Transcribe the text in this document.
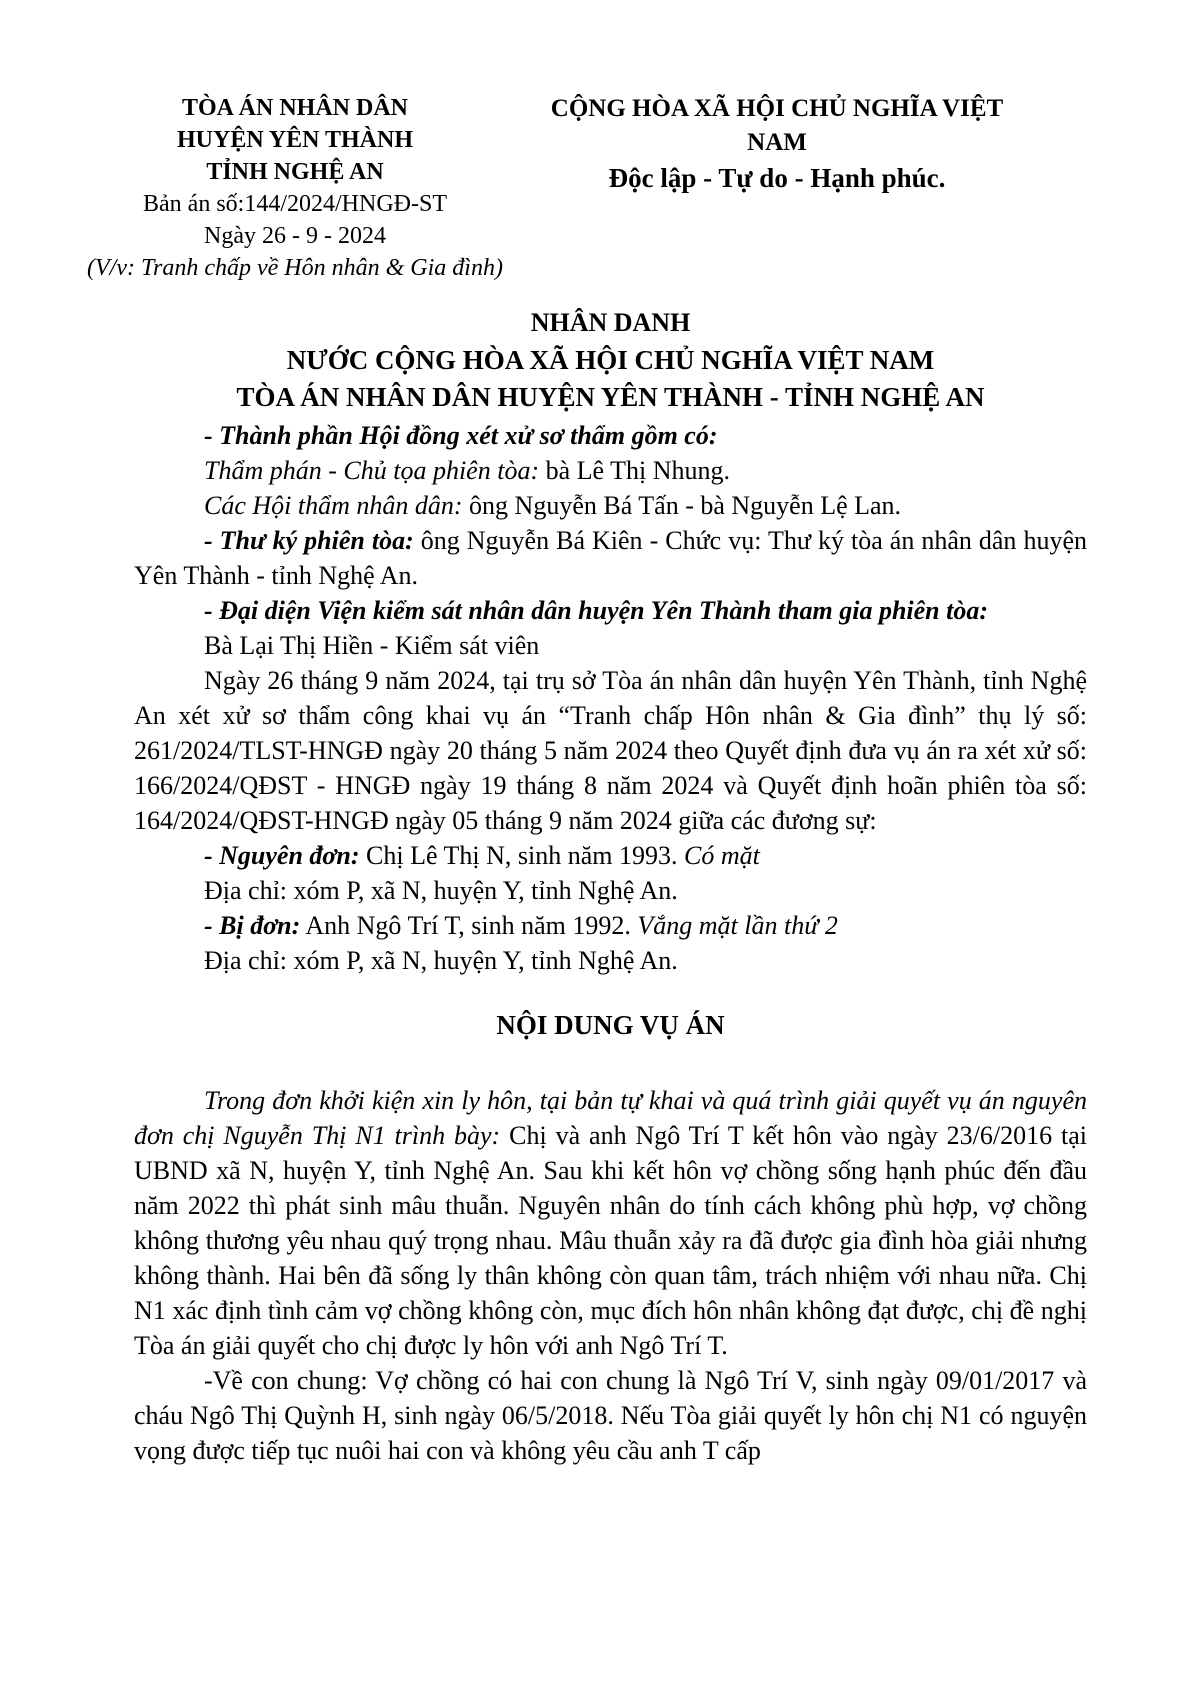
TÒA ÁN NHÂN DÂN
HUYỆN YÊN THÀNH
TỈNH NGHỆ AN
Bản án số:144/2024/HNGĐ-ST
Ngày 26 - 9 - 2024
(V/v: Tranh chấp về Hôn nhân & Gia đình)
CỘNG HÒA XÃ HỘI CHỦ NGHĨA VIỆT NAM
Độc lập - Tự do - Hạnh phúc.
NHÂN DANH
NƯỚC CỘNG HÒA XÃ HỘI CHỦ NGHĨA VIỆT NAM
TÒA ÁN NHÂN DÂN HUYỆN YÊN THÀNH - TỈNH NGHỆ AN

- Thành phần Hội đồng xét xử sơ thẩm gồm có:

Thẩm phán - Chủ tọa phiên tòa: bà Lê Thị Nhung.

Các Hội thẩm nhân dân: ông Nguyễn Bá Tấn - bà Nguyễn Lệ Lan.

- Thư ký phiên tòa: ông Nguyễn Bá Kiên - Chức vụ: Thư ký tòa án nhân dân huyện Yên Thành - tỉnh Nghệ An.

- Đại diện Viện kiểm sát nhân dân huyện Yên Thành tham gia phiên tòa:

Bà Lại Thị Hiền - Kiểm sát viên

Ngày 26 tháng 9 năm 2024, tại trụ sở Tòa án nhân dân huyện Yên Thành, tỉnh Nghệ An xét xử sơ thẩm công khai vụ án “Tranh chấp Hôn nhân & Gia đình” thụ lý số: 261/2024/TLST-HNGĐ ngày 20 tháng 5 năm 2024 theo Quyết định đưa vụ án ra xét xử số: 166/2024/QĐST - HNGĐ ngày 19 tháng 8 năm 2024 và Quyết định hoãn phiên tòa số: 164/2024/QĐST-HNGĐ ngày 05 tháng 9 năm 2024 giữa các đương sự:

- Nguyên đơn: Chị Lê Thị N, sinh năm 1993. Có mặt

Địa chỉ: xóm P, xã N, huyện Y, tỉnh Nghệ An.

- Bị đơn: Anh Ngô Trí T, sinh năm 1992. Vắng mặt lần thứ 2

Địa chỉ: xóm P, xã N, huyện Y, tỉnh Nghệ An.

NỘI DUNG VỤ ÁN

Trong đơn khởi kiện xin ly hôn, tại bản tự khai và quá trình giải quyết vụ án nguyên đơn chị Nguyễn Thị N1 trình bày: Chị và anh Ngô Trí T kết hôn vào ngày 23/6/2016 tại UBND xã N, huyện Y, tỉnh Nghệ An. Sau khi kết hôn vợ chồng sống hạnh phúc đến đầu năm 2022 thì phát sinh mâu thuẫn. Nguyên nhân do tính cách không phù hợp, vợ chồng không thương yêu nhau quý trọng nhau. Mâu thuẫn xảy ra đã được gia đình hòa giải nhưng không thành. Hai bên đã sống ly thân không còn quan tâm, trách nhiệm với nhau nữa. Chị N1 xác định tình cảm vợ chồng không còn, mục đích hôn nhân không đạt được, chị đề nghị Tòa án giải quyết cho chị được ly hôn với anh Ngô Trí T.

-Về con chung: Vợ chồng có hai con chung là Ngô Trí V, sinh ngày 09/01/2017 và cháu Ngô Thị Quỳnh H, sinh ngày 06/5/2018. Nếu Tòa giải quyết ly hôn chị N1 có nguyện vọng được tiếp tục nuôi hai con và không yêu cầu anh T cấp
